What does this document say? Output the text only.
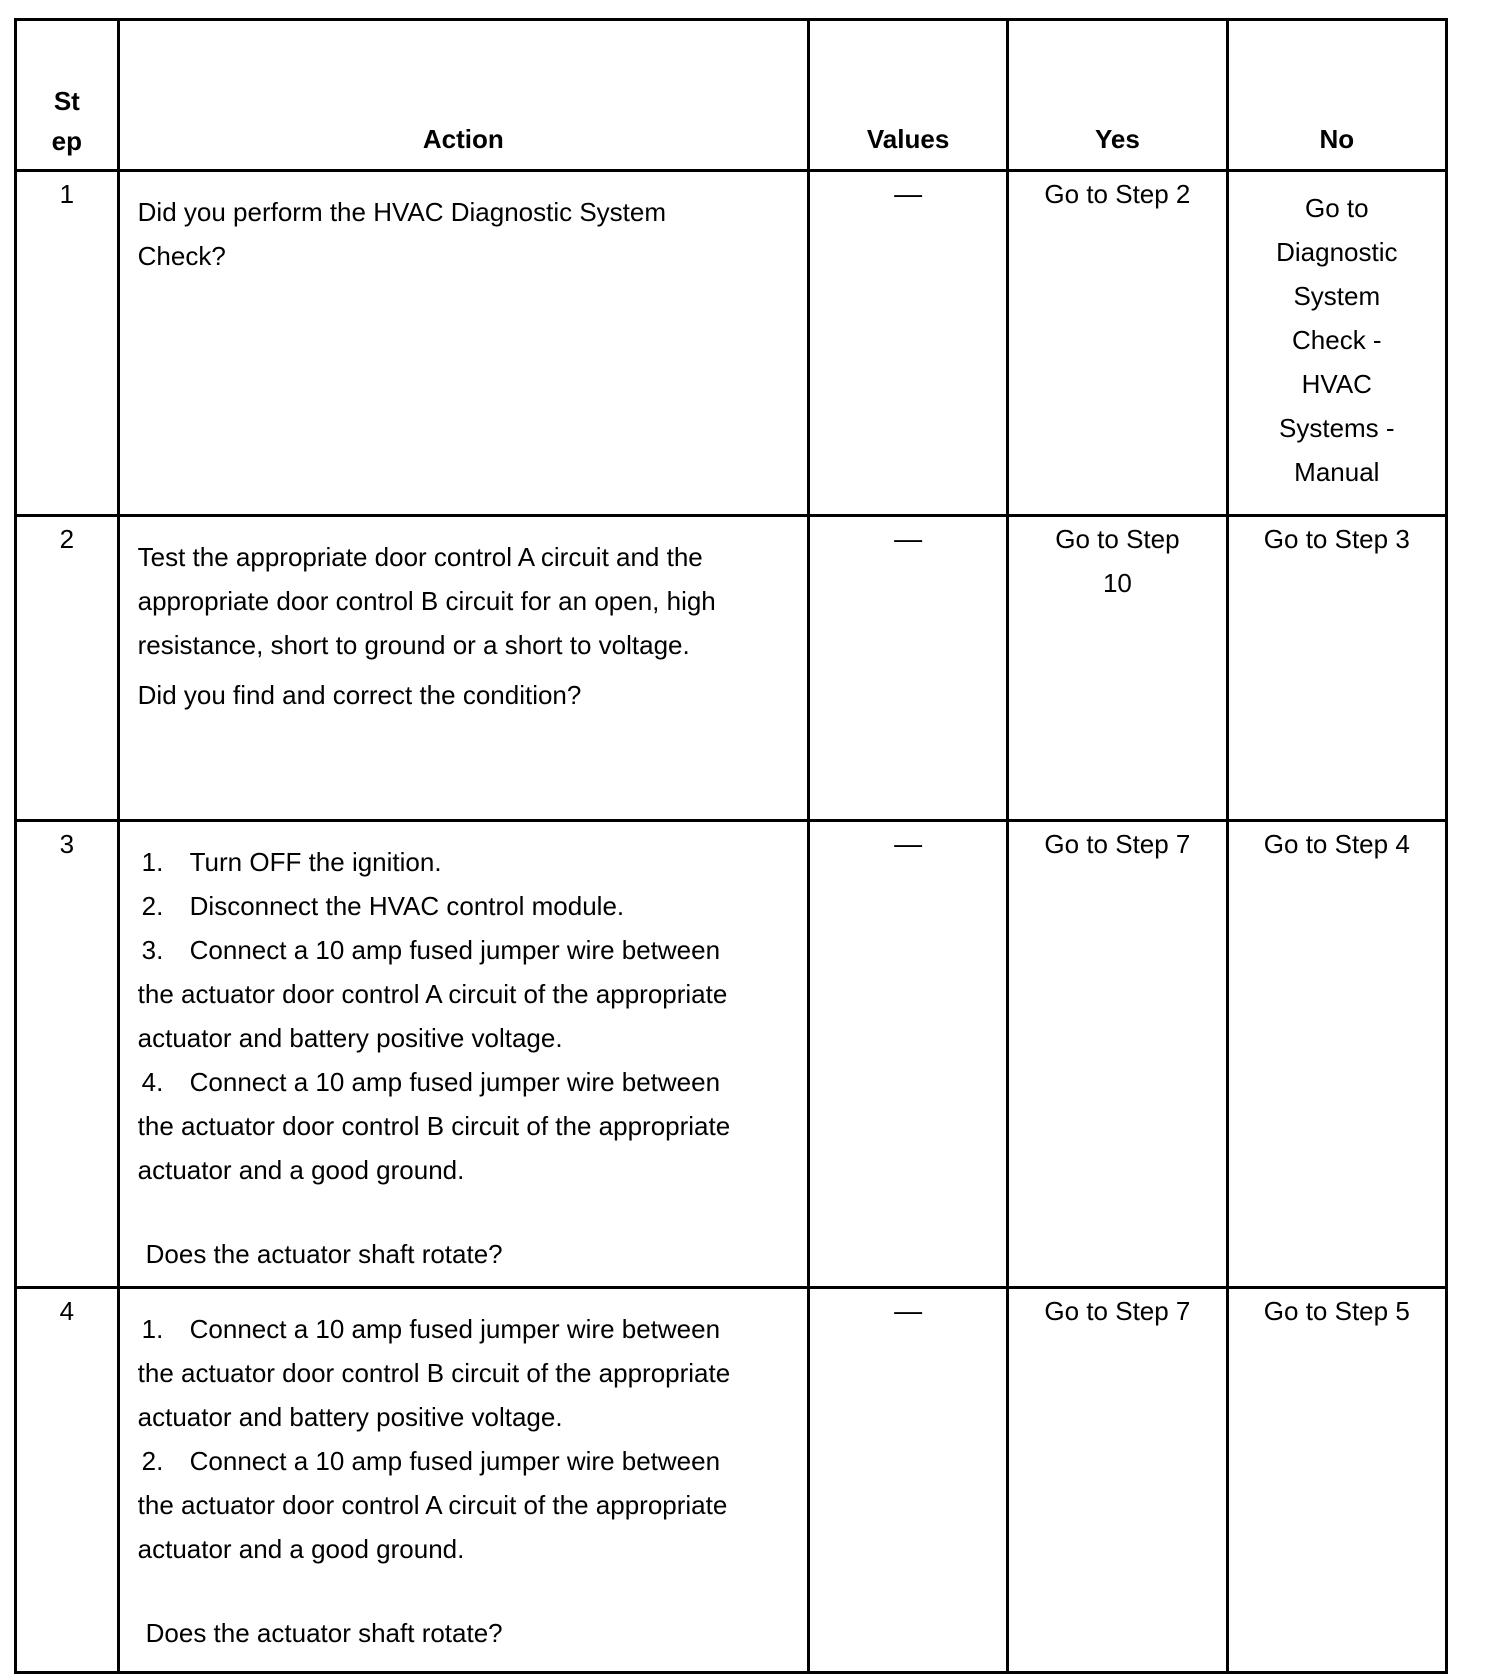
St
ep	Action	Values	Yes	No
1	Did you perform the HVAC Diagnostic System Check?	—	Go to Step 2	Go to Diagnostic System Check - HVAC Systems - Manual

2	Test the appropriate door control A circuit and the appropriate door control B circuit for an open, high resistance, short to ground or a short to voltage.

Did you find and correct the condition?	—	Go to Step 10	Go to Step 3
3	1. Turn OFF the ignition.

2. Disconnect the HVAC control module.

3. Connect a 10 amp fused jumper wire between the actuator door control A circuit of the appropriate actuator and battery positive voltage.

4. Connect a 10 amp fused jumper wire between the actuator door control B circuit of the appropriate actuator and a good ground.

Does the actuator shaft rotate?	—	Go to Step 7	Go to Step 4
4	1. Connect a 10 amp fused jumper wire between the actuator door control B circuit of the appropriate actuator and battery positive voltage.

2. Connect a 10 amp fused jumper wire between the actuator door control A circuit of the appropriate actuator and a good ground.

Does the actuator shaft rotate?	—	Go to Step 7	Go to Step 5
